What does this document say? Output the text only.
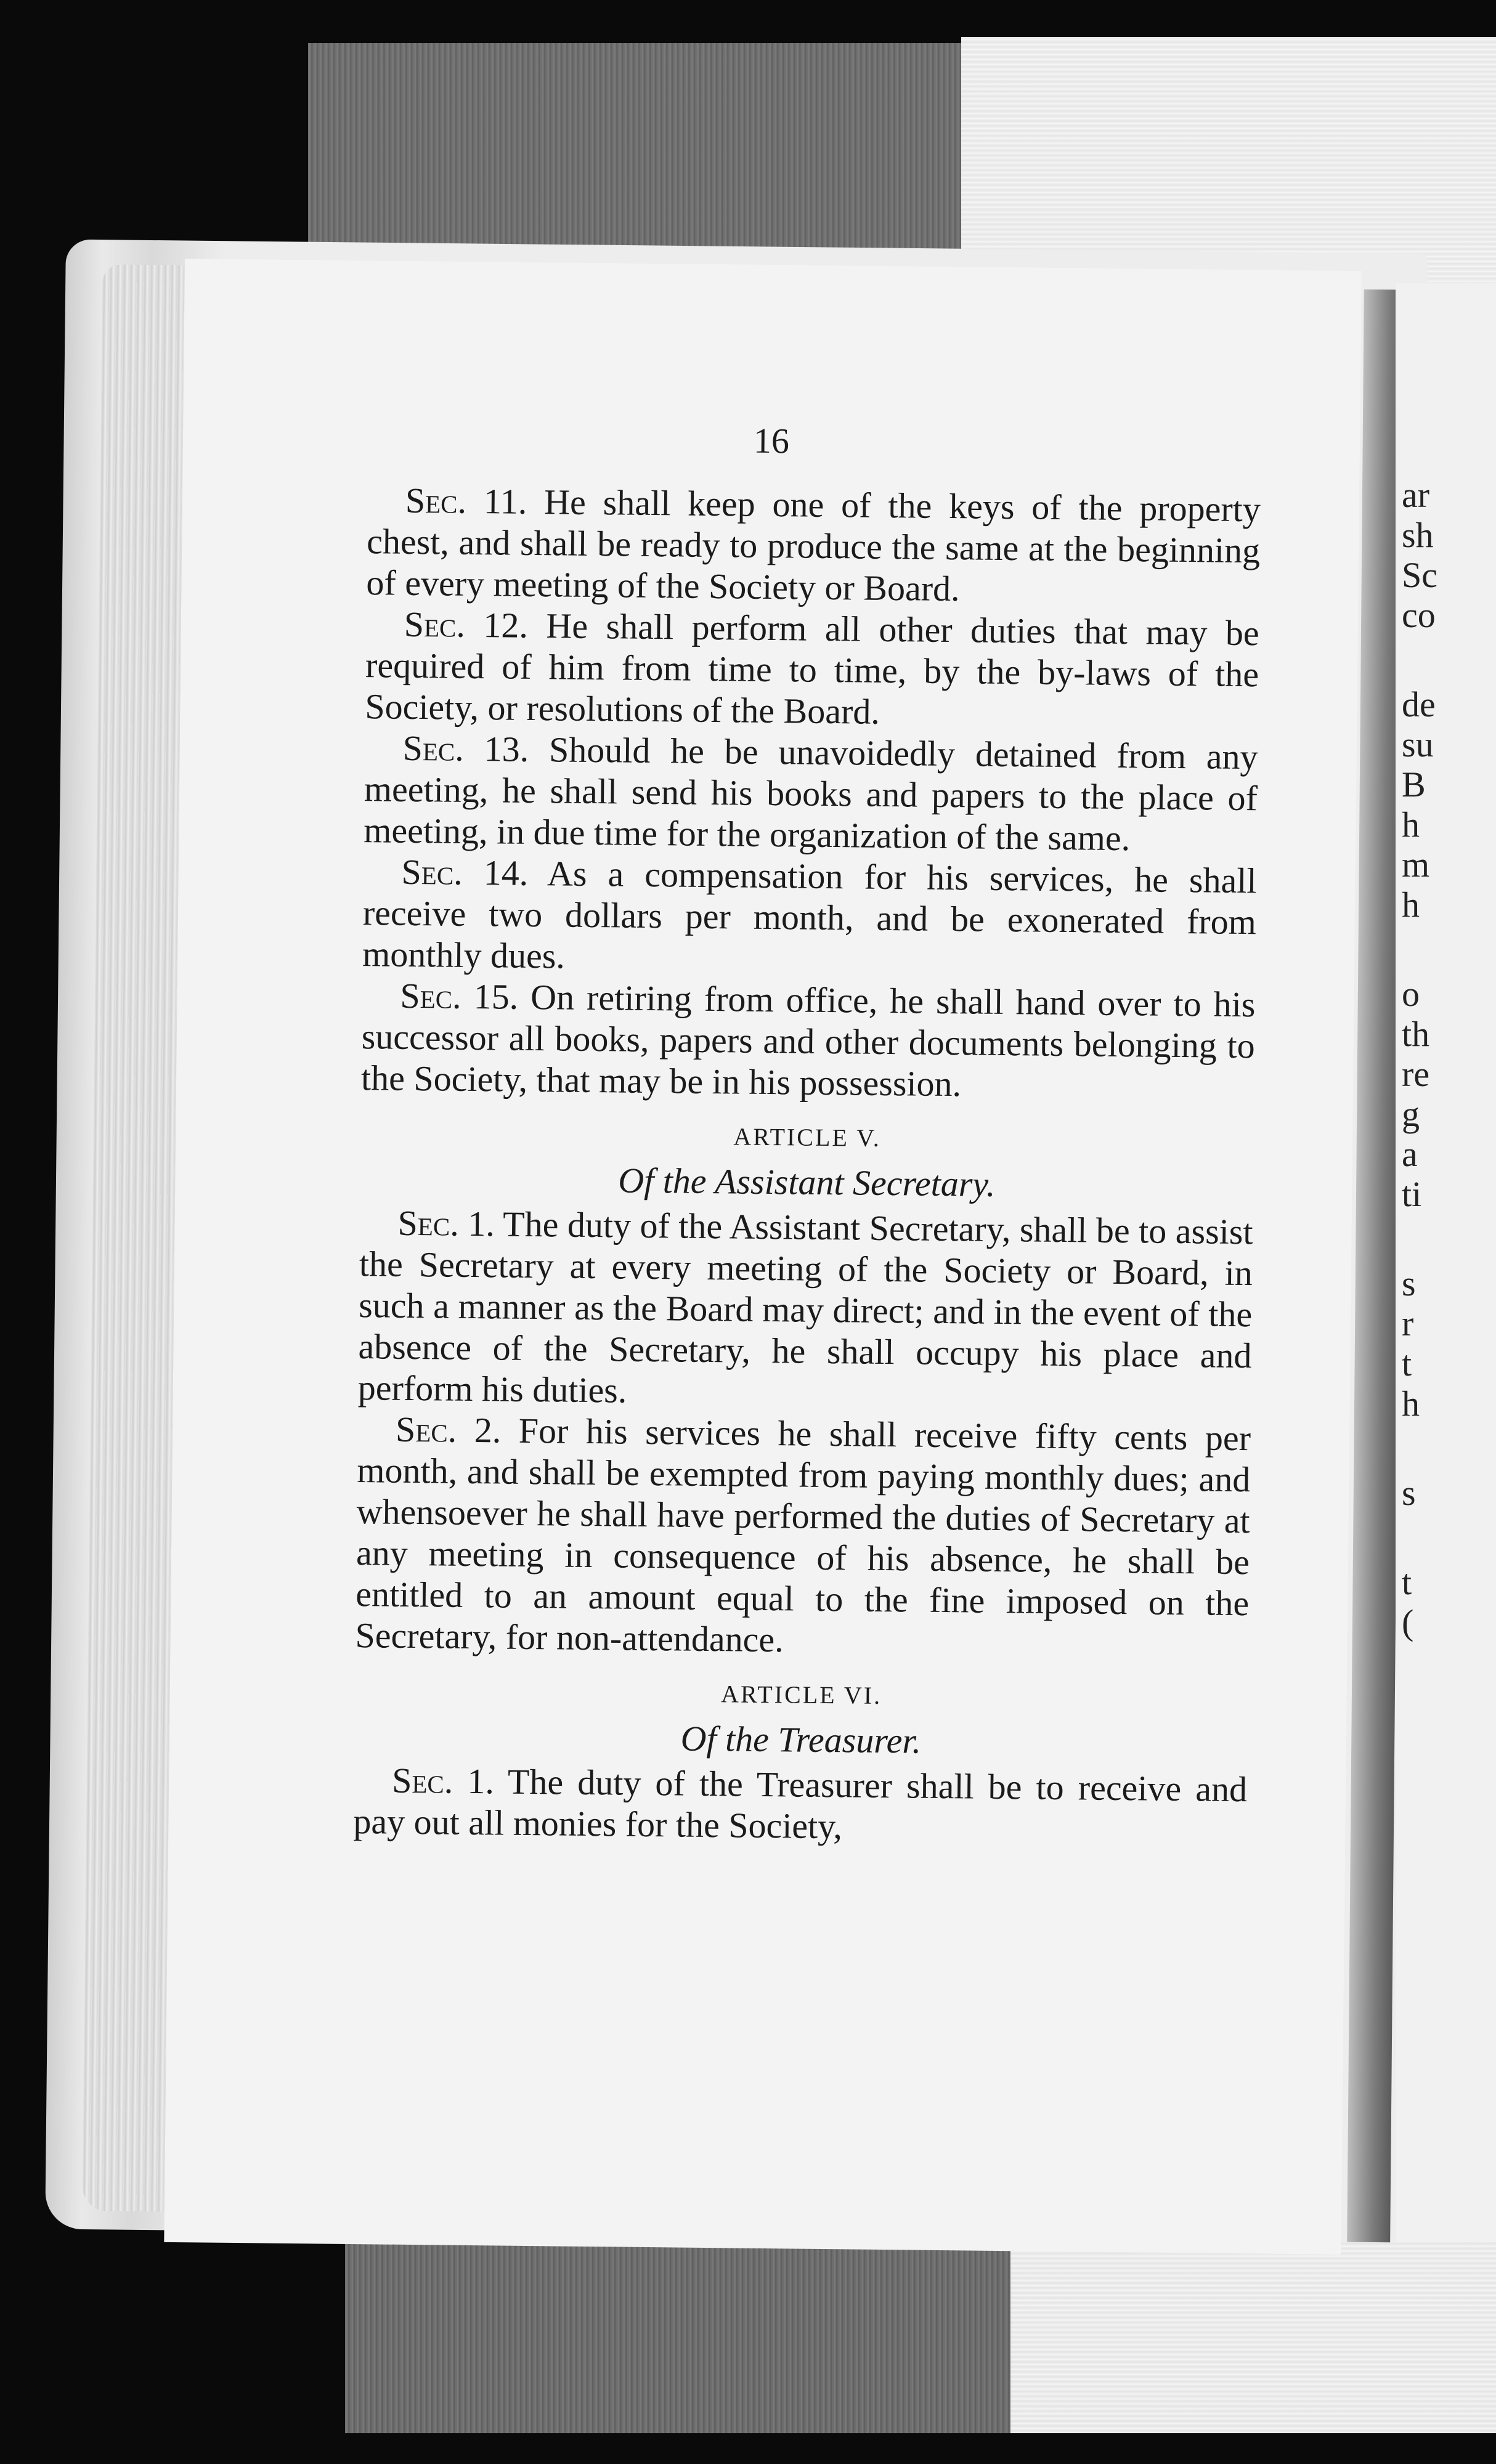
16

Sec. 11. He shall keep one of the keys of the property chest, and shall be ready to produce the same at the beginning of every meeting of the Society or Board.

Sec. 12. He shall perform all other duties that may be required of him from time to time, by the by-laws of the Society, or resolutions of the Board.

Sec. 13. Should he be unavoidedly detained from any meeting, he shall send his books and papers to the place of meeting, in due time for the organization of the same.

Sec. 14. As a compensation for his services, he shall receive two dollars per month, and be exonerated from monthly dues.

Sec. 15. On retiring from office, he shall hand over to his successor all books, papers and other documents belonging to the Society, that may be in his possession.

ARTICLE V.

Of the Assistant Secretary.

Sec. 1. The duty of the Assistant Secretary, shall be to assist the Secretary at every meeting of the Society or Board, in such a manner as the Board may direct; and in the event of the absence of the Secretary, he shall occupy his place and perform his duties.

Sec. 2. For his services he shall receive fifty cents per month, and shall be exempted from paying monthly dues; and whensoever he shall have performed the duties of Secretary at any meeting in consequence of his absence, he shall be entitled to an amount equal to the fine imposed on the Secretary, for non-attendance.

ARTICLE VI.

Of the Treasurer.

Sec. 1. The duty of the Treasurer shall be to receive and pay out all monies for the Society,

ar
sh
Sc
co
de
su
B
h
m
h
o
th
re
g
a
ti
s
r
t
h
s
t
(
